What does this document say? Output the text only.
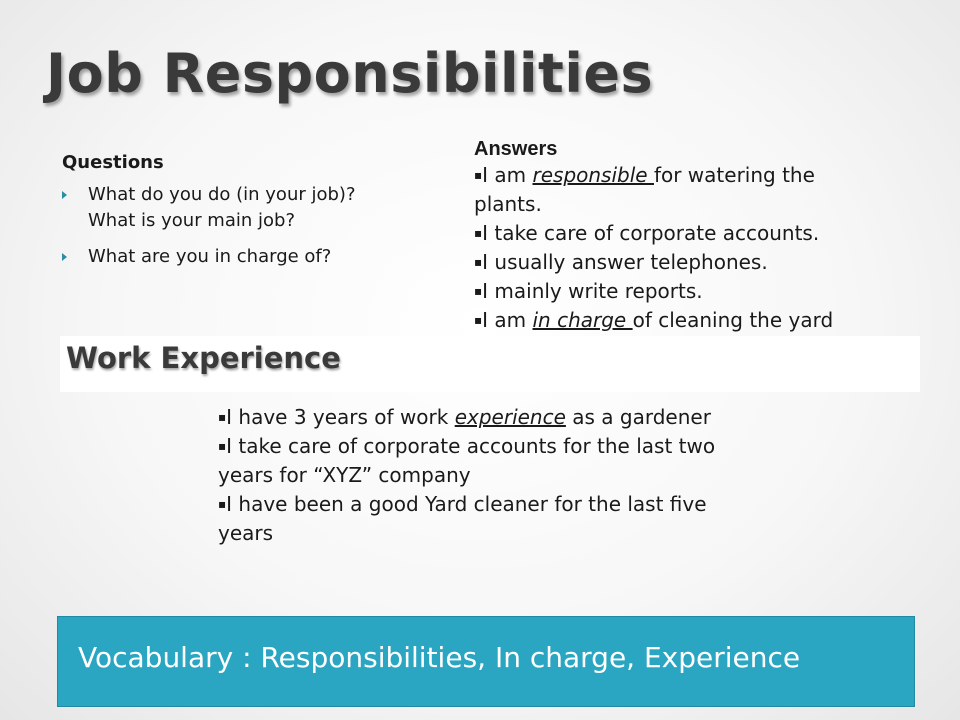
Job Responsibilities
Questions
What do you do (in your job)?
What is your main job?
What are you in charge of?
Answers
▪I am responsible for watering the
plants.
▪I take care of corporate accounts.
▪I usually answer telephones.
▪I mainly write reports.
▪I am in charge of cleaning the yard
Work Experience
▪I have 3 years of work experience as a gardener
▪I take care of corporate accounts for the last two
years for “XYZ” company
▪I have been a good Yard cleaner for the last five
years
Vocabulary : Responsibilities, In charge, Experience
